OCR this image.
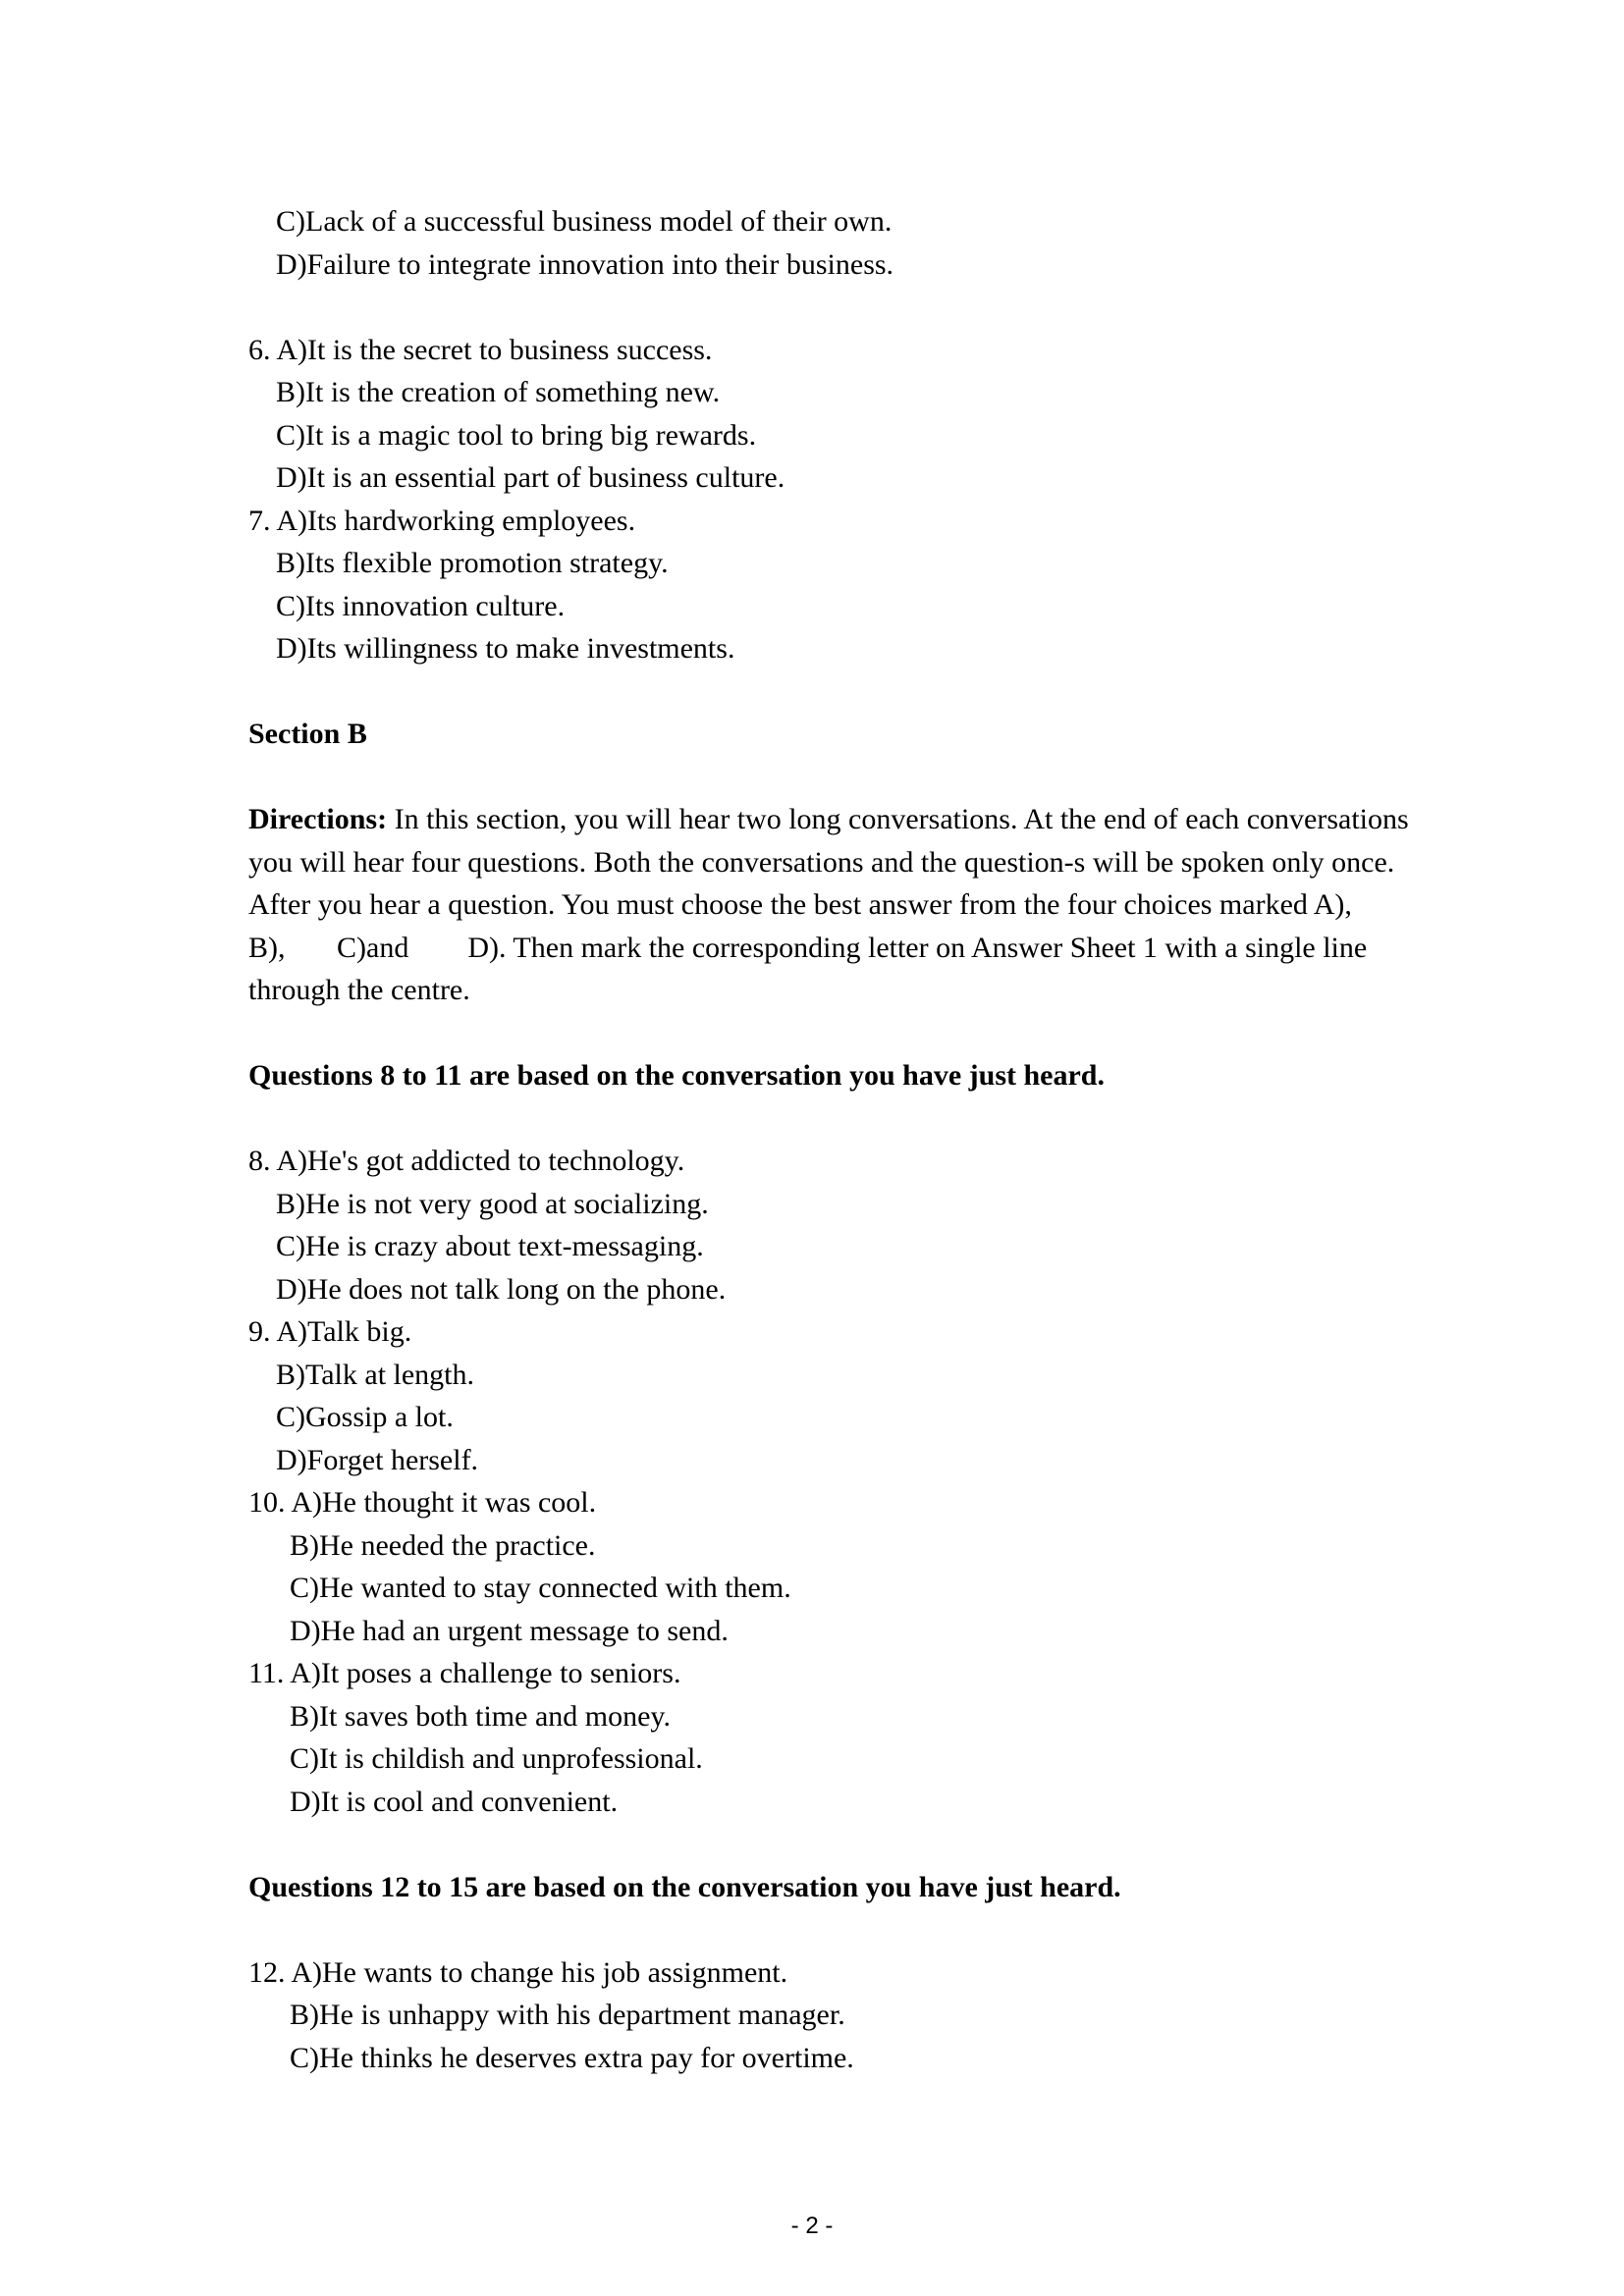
C)Lack of a successful business model of their own.
D)Failure to integrate innovation into their business.
6. A)It is the secret to business success.
B)It is the creation of something new.
C)It is a magic tool to bring big rewards.
D)It is an essential part of business culture.
7. A)Its hardworking employees.
B)Its flexible promotion strategy.
C)Its innovation culture.
D)Its willingness to make investments.
Section B
Directions: In this section, you will hear two long conversations. At the end of each conversations
you will hear four questions. Both the conversations and the question-s will be spoken only once.
After you hear a question. You must choose the best answer from the four choices marked A),
B),       C)and        D). Then mark the corresponding letter on Answer Sheet 1 with a single line
through the centre.
Questions 8 to 11 are based on the conversation you have just heard.
8. A)He's got addicted to technology.
B)He is not very good at socializing.
C)He is crazy about text-messaging.
D)He does not talk long on the phone.
9. A)Talk big.
B)Talk at length.
C)Gossip a lot.
D)Forget herself.
10. A)He thought it was cool.
B)He needed the practice.
C)He wanted to stay connected with them.
D)He had an urgent message to send.
11. A)It poses a challenge to seniors.
B)It saves both time and money.
C)It is childish and unprofessional.
D)It is cool and convenient.
Questions 12 to 15 are based on the conversation you have just heard.
12. A)He wants to change his job assignment.
B)He is unhappy with his department manager.
C)He thinks he deserves extra pay for overtime.
- 2 -
